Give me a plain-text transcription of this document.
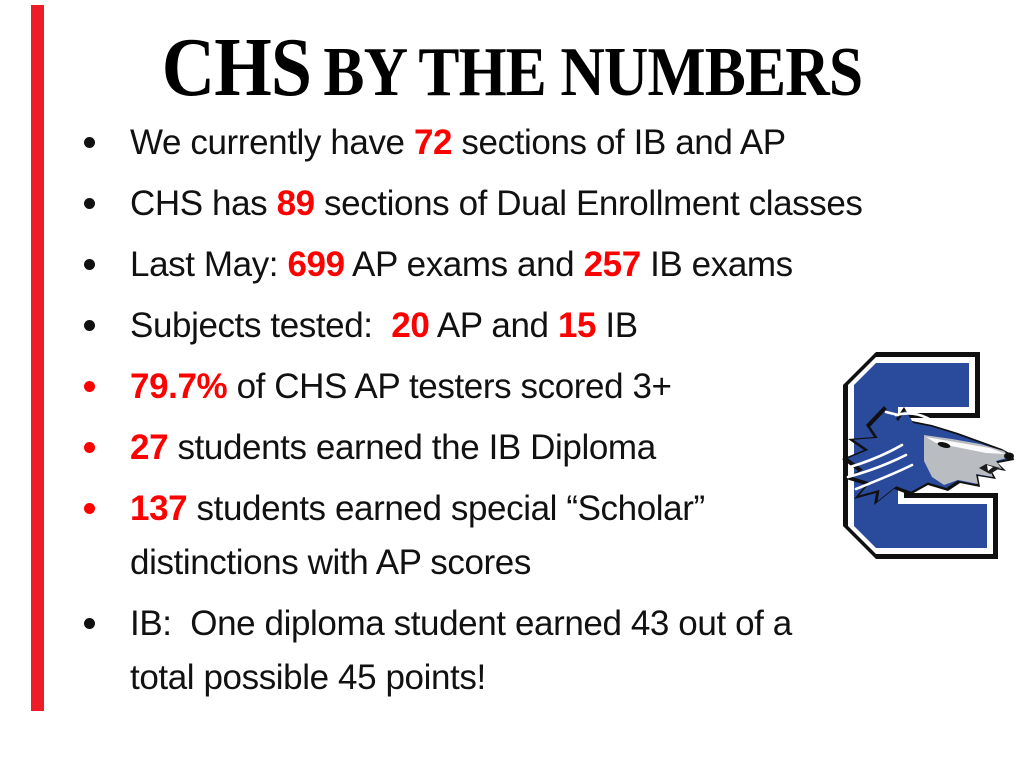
CHS BY THE NUMBERS
We currently have 72 sections of IB and AP
CHS has 89 sections of Dual Enrollment classes
Last May: 699 AP exams and 257 IB exams
Subjects tested:  20 AP and 15 IB
79.7% of CHS AP testers scored 3+
27 students earned the IB Diploma
137 students earned special “Scholar”
distinctions with AP scores
IB:  One diploma student earned 43 out of a
total possible 45 points!
